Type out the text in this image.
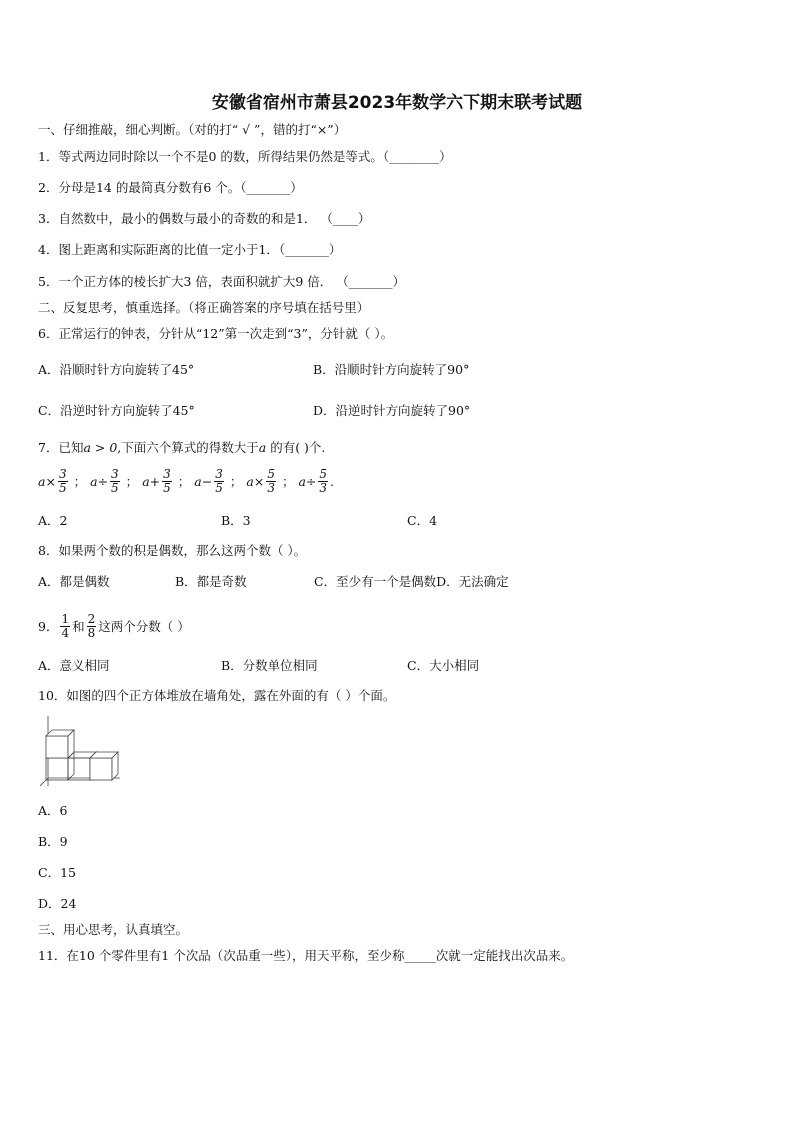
安徽省宿州市萧县2023年数学六下期末联考试题
一、仔细推敲，细心判断。（对的打“ √ ”，错的打“×”）
1．等式两边同时除以一个不是0 的数，所得结果仍然是等式。（________）
2．分母是14 的最简真分数有6 个。（_______）
3．自然数中，最小的偶数与最小的奇数的和是1． （____）
4．图上距离和实际距离的比值一定小于1．（_______）
5．一个正方体的棱长扩大3 倍，表面积就扩大9 倍． （_______）
二、反复思考，慎重选择。（将正确答案的序号填在括号里）
6．正常运行的钟表，分针从“12”第一次走到“3”，分针就（ ）。
A．沿顺时针方向旋转了45°	B．沿顺时针方向旋转了90°
C．沿逆时针方向旋转了45°	D．沿逆时针方向旋转了90°
7．已知a > 0,下面六个算式的得数大于a 的有( )个.
$a \times \frac{3}{5}$ ； $a \div \frac{3}{5}$ ； $a + \frac{3}{5}$ ； $a - \frac{3}{5}$ ； $a \times \frac{5}{3}$ ； $a \div \frac{5}{3}$ .
A．2	B．3	C．4
8．如果两个数的积是偶数，那么这两个数（ ）。
A．都是偶数	B．都是奇数	C．至少有一个是偶数D．无法确定
9． $\frac{1}{4}$ 和 $\frac{2}{8}$ 这两个分数（ ）
A．意义相同	B．分数单位相同	C．大小相同
10．如图的四个正方体堆放在墙角处，露在外面的有（ ）个面。
A．6
B．9
C．15
D．24
三、用心思考，认真填空。
11．在10 个零件里有1 个次品（次品重一些），用天平称，至少称_____次就一定能找出次品来。
